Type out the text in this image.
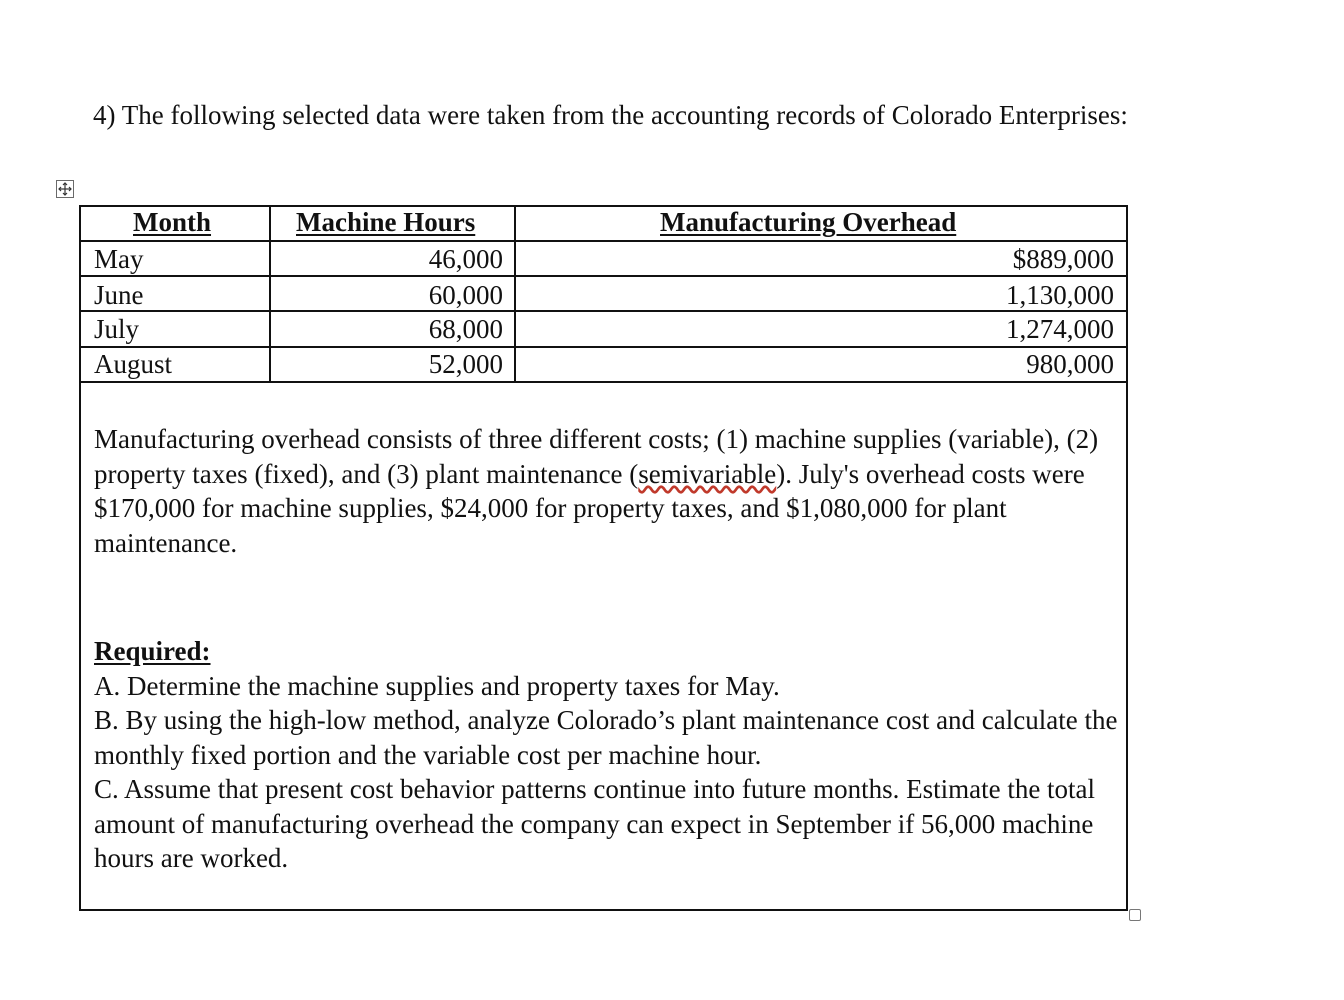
4) The following selected data were taken from the accounting records of Colorado Enterprises:
Month	Machine Hours	Manufacturing Overhead
May	46,000	$889,000
June	60,000	1,130,000
July	68,000	1,274,000
August	52,000	980,000
Manufacturing overhead consists of three different costs; (1) machine supplies (variable), (2) property taxes (fixed), and (3) plant maintenance (semivariable). July's overhead costs were $170,000 for machine supplies, $24,000 for property taxes, and $1,080,000 for plant maintenance.
Required:
A. Determine the machine supplies and property taxes for May.
B. By using the high-low method, analyze Colorado’s plant maintenance cost and calculate the monthly fixed portion and the variable cost per machine hour.
C. Assume that present cost behavior patterns continue into future months. Estimate the total amount of manufacturing overhead the company can expect in September if 56,000 machine hours are worked.
